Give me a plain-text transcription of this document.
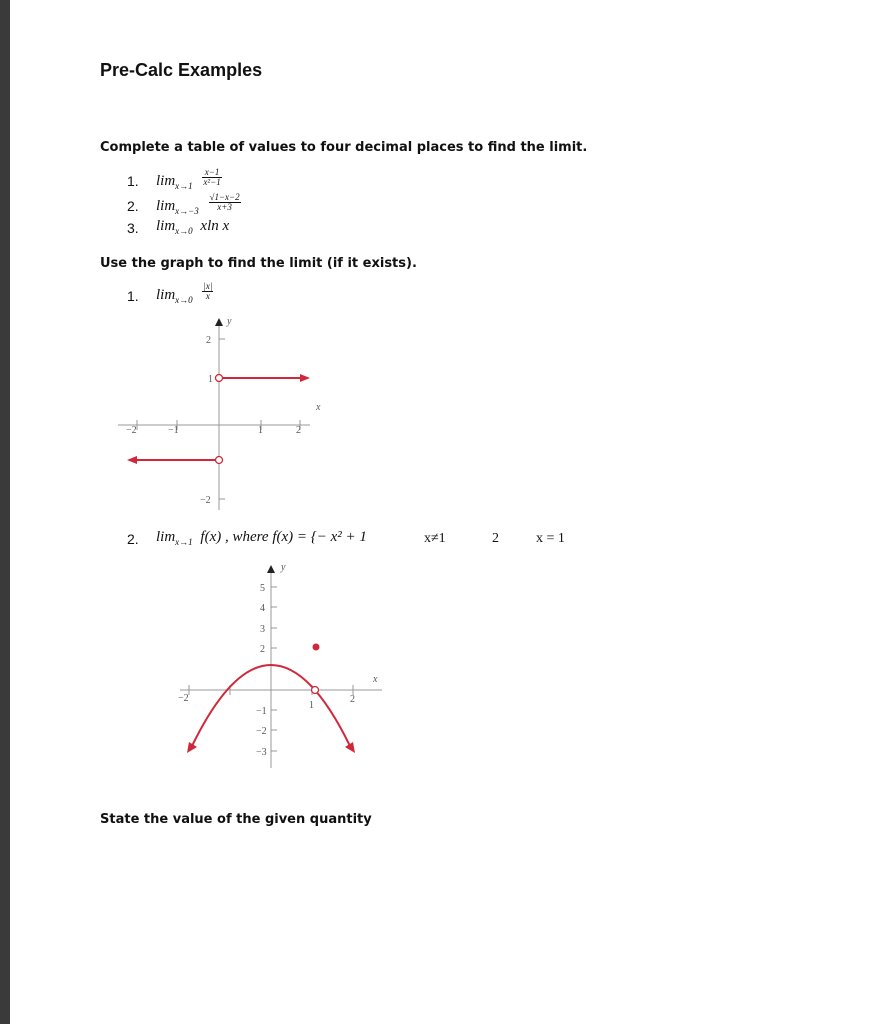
Pre-Calc Examples
Complete a table of values to four decimal places to find the limit.
1. $\lim_{x\to 1} \frac{x-1}{\text{x²−1}}$
2. $\lim_{x\to-3} \frac{√1-x-2}{x+3}$
3. $\lim_{x\to 0} xln$ x
Use the graph to find the limit (if it exists).
1. $\lim_{x\to 0} \frac{|x|}{x}$
y
x
−2	−1	1	2
2
1
−2
2. $\lim_{x\to 1} f(x)$ , where f(x) = {− x² + 1	x≠1	2	x = 1
y
x
−2
1
2
5
4
3
2
−1
−2
−3
State the value of the given quantity
